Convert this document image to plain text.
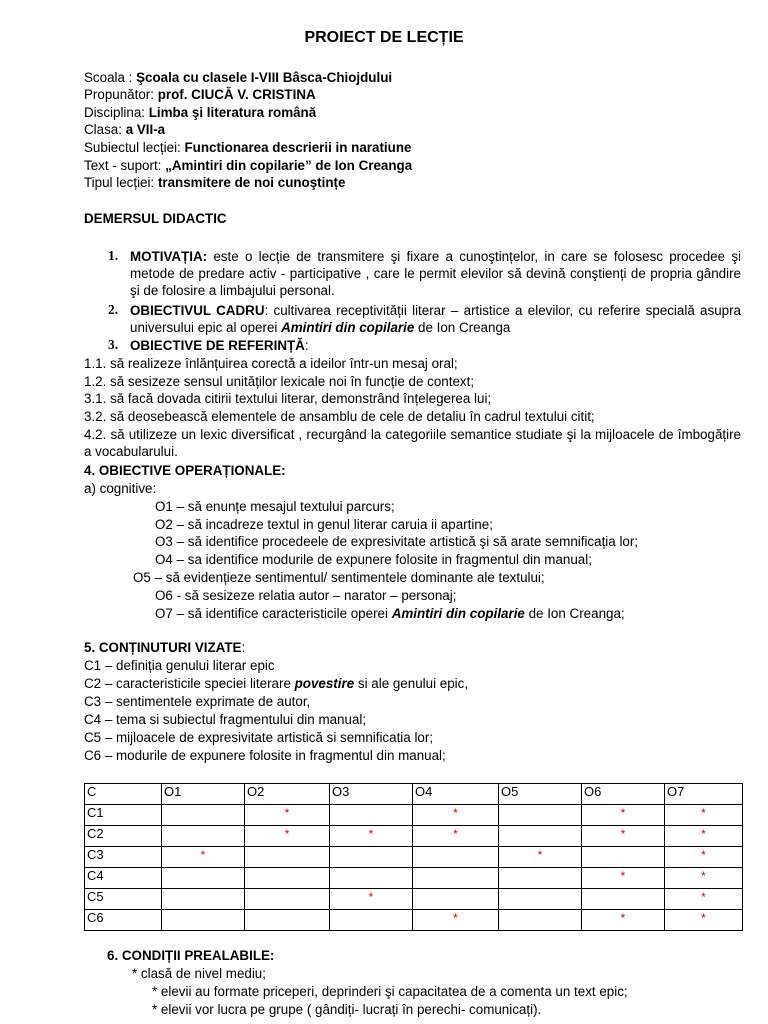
PROIECT DE LECȚIE
Scoala : Şcoala cu clasele I-VIII Bâsca-Chiojdului
Propunător: prof. CIUCĂ V. CRISTINA
Disciplina: Limba şi literatura română
Clasa: a VII-a
Subiectul lecției: Functionarea descrierii in naratiune
Text - suport: „Amintiri din copilarie” de Ion Creanga
Tipul lecției: transmitere de noi cunoştințe
DEMERSUL DIDACTIC
1. MOTIVAȚIA: este o lecție de transmitere şi fixare a cunoştințelor, in care se folosesc procedee şi metode de predare activ - participative , care le permit elevilor să devină conştienți de propria gândire şi de folosire a limbajului personal.
2. OBIECTIVUL CADRU: cultivarea receptivității literar – artistice a elevilor, cu referire specială asupra universului epic al operei Amintiri din copilarie de Ion Creanga
3. OBIECTIVE DE REFERINȚĂ:
1.1. să realizeze înlănțuirea corectă a ideilor într-un mesaj oral;
1.2. să sesizeze sensul unităților lexicale noi în funcție de context;
3.1. să facă dovada citirii textului literar, demonstrând înțelegerea lui;
3.2. să deosebească elementele de ansamblu de cele de detaliu în cadrul textului citit;
4.2. să utilizeze un lexic diversificat , recurgând la categoriile semantice studiate şi la mijloacele de îmbogățire a vocabularului.
4. OBIECTIVE OPERAȚIONALE:
a) cognitive:
O1 – să enunțe mesajul textului parcurs;
O2 – să incadreze textul in genul literar caruia ii apartine;
O3 – să identifice procedeele de expresivitate artistică şi să arate semnificația lor;
O4 – sa identifice modurile de expunere folosite in fragmentul din manual;
O5 – să evidențieze sentimentul/ sentimentele dominante ale textului;
O6 - să sesizeze relatia autor – narator – personaj;
O7 – să identifice caracteristicile operei Amintiri din copilarie de Ion Creanga;
5. CONȚINUTURI VIZATE:
C1 – definiția genului literar epic
C2 – caracteristicile speciei literare povestire si ale genului epic,
C3 – sentimentele exprimate de autor,
C4 – tema si subiectul fragmentului din manual;
C5 – mijloacele de expresivitate artistică si semnificatia lor;
C6 – modurile de expunere folosite in fragmentul din manual;
C	O1	O2	O3	O4	O5	O6	O7
C1		*		*		*	*
C2		*	*	*		*	*
C3	*				*		*
C4						*	*
C5			*				*
C6				*		*	*
6. CONDIȚII PREALABILE:
* clasă de nivel mediu;
* elevii au formate priceperi, deprinderi şi capacitatea de a comenta un text epic;
* elevii vor lucra pe grupe ( gândiți- lucrați în perechi- comunicați).
